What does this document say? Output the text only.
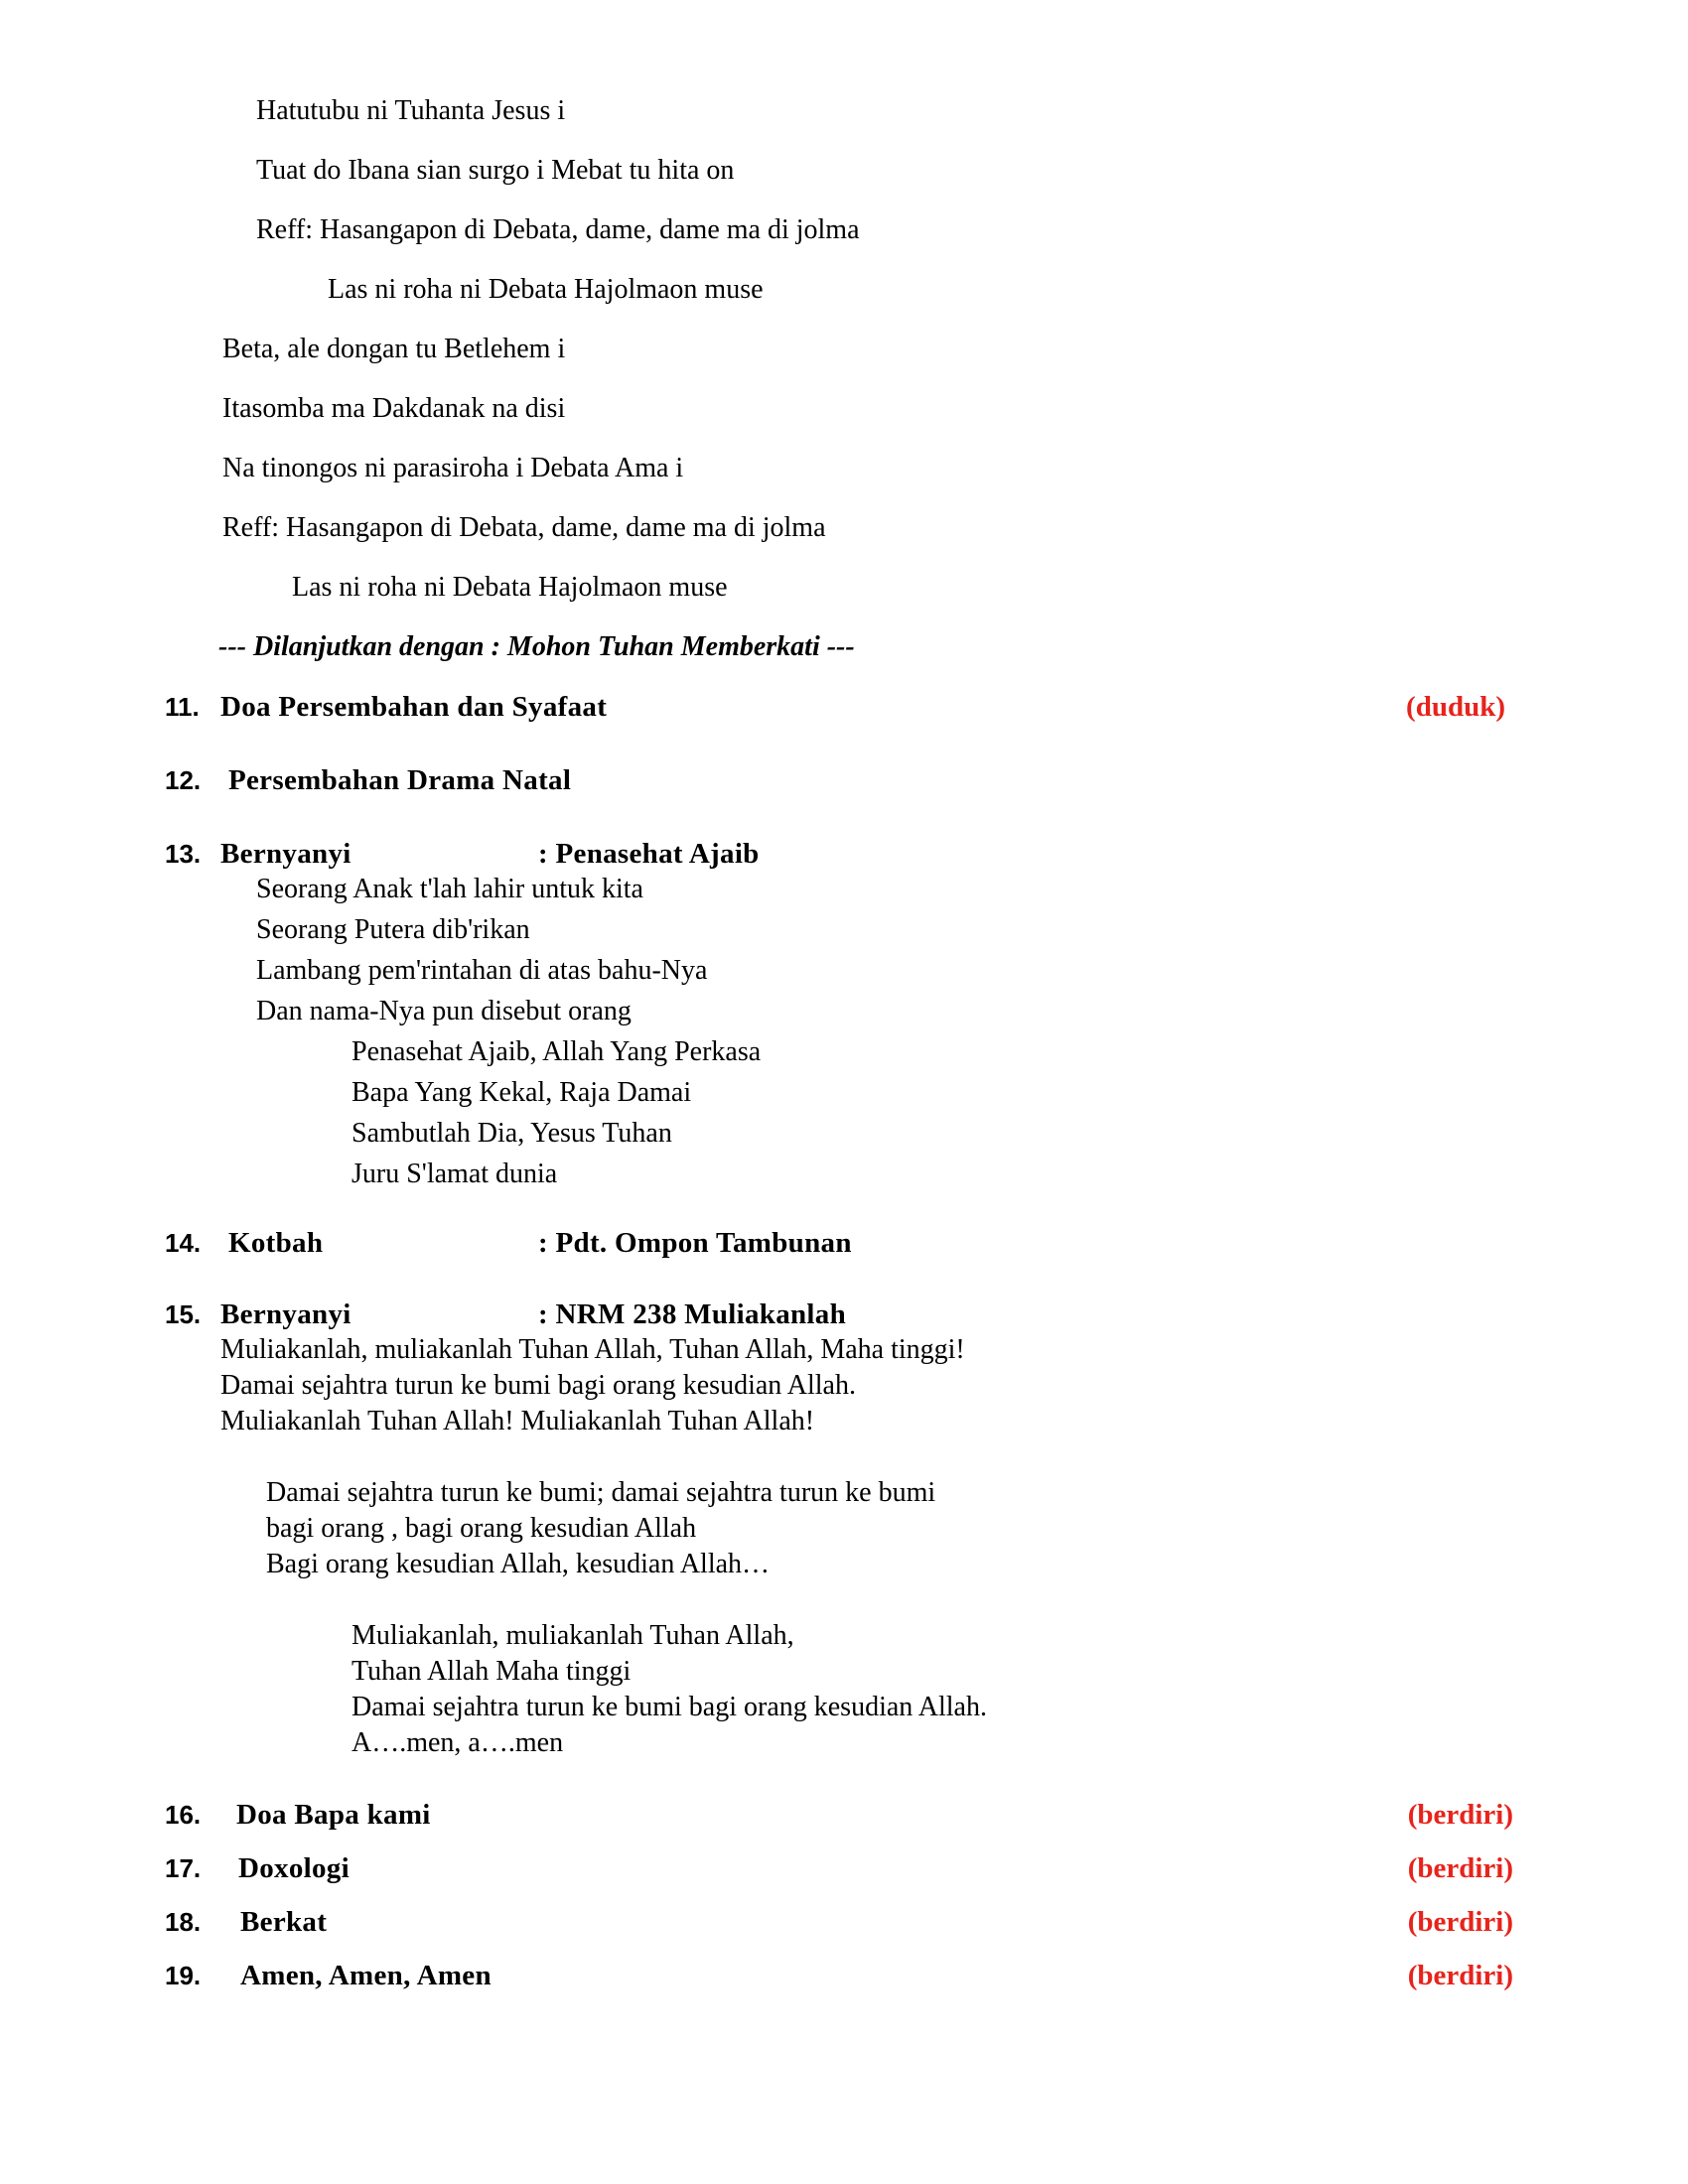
Hatutubu ni Tuhanta Jesus i
Tuat do Ibana sian surgo i Mebat tu hita on
Reff: Hasangapon di Debata, dame, dame ma di jolma
Las ni roha ni Debata Hajolmaon muse
Beta, ale dongan tu Betlehem i
Itasomba ma Dakdanak na disi
Na tinongos ni parasiroha i Debata Ama i
Reff: Hasangapon di Debata, dame, dame ma di jolma
Las ni roha ni Debata Hajolmaon muse
--- Dilanjutkan dengan : Mohon Tuhan Memberkati ---
11. Doa Persembahan dan Syafaat	(duduk)
12. Persembahan Drama Natal
13. Bernyanyi	: Penasehat Ajaib
Seorang Anak t'lah lahir untuk kita
Seorang Putera dib'rikan
Lambang pem'rintahan di atas bahu-Nya
Dan nama-Nya pun disebut orang
Penasehat Ajaib, Allah Yang Perkasa
Bapa Yang Kekal, Raja Damai
Sambutlah Dia, Yesus Tuhan
Juru S'lamat dunia
14. Kotbah	: Pdt. Ompon Tambunan
15. Bernyanyi	: NRM 238 Muliakanlah
Muliakanlah, muliakanlah Tuhan Allah, Tuhan Allah, Maha tinggi!
Damai sejahtra turun ke bumi bagi orang kesudian Allah.
Muliakanlah Tuhan Allah! Muliakanlah Tuhan Allah!
Damai sejahtra turun ke bumi; damai sejahtra turun ke bumi
bagi orang , bagi orang kesudian Allah
Bagi orang kesudian Allah, kesudian Allah…
Muliakanlah, muliakanlah Tuhan Allah,
Tuhan Allah Maha tinggi
Damai sejahtra turun ke bumi bagi orang kesudian Allah.
A….men, a….men
16. Doa Bapa kami	(berdiri)
17. Doxologi	(berdiri)
18. Berkat	(berdiri)
19. Amen, Amen, Amen	(berdiri)
